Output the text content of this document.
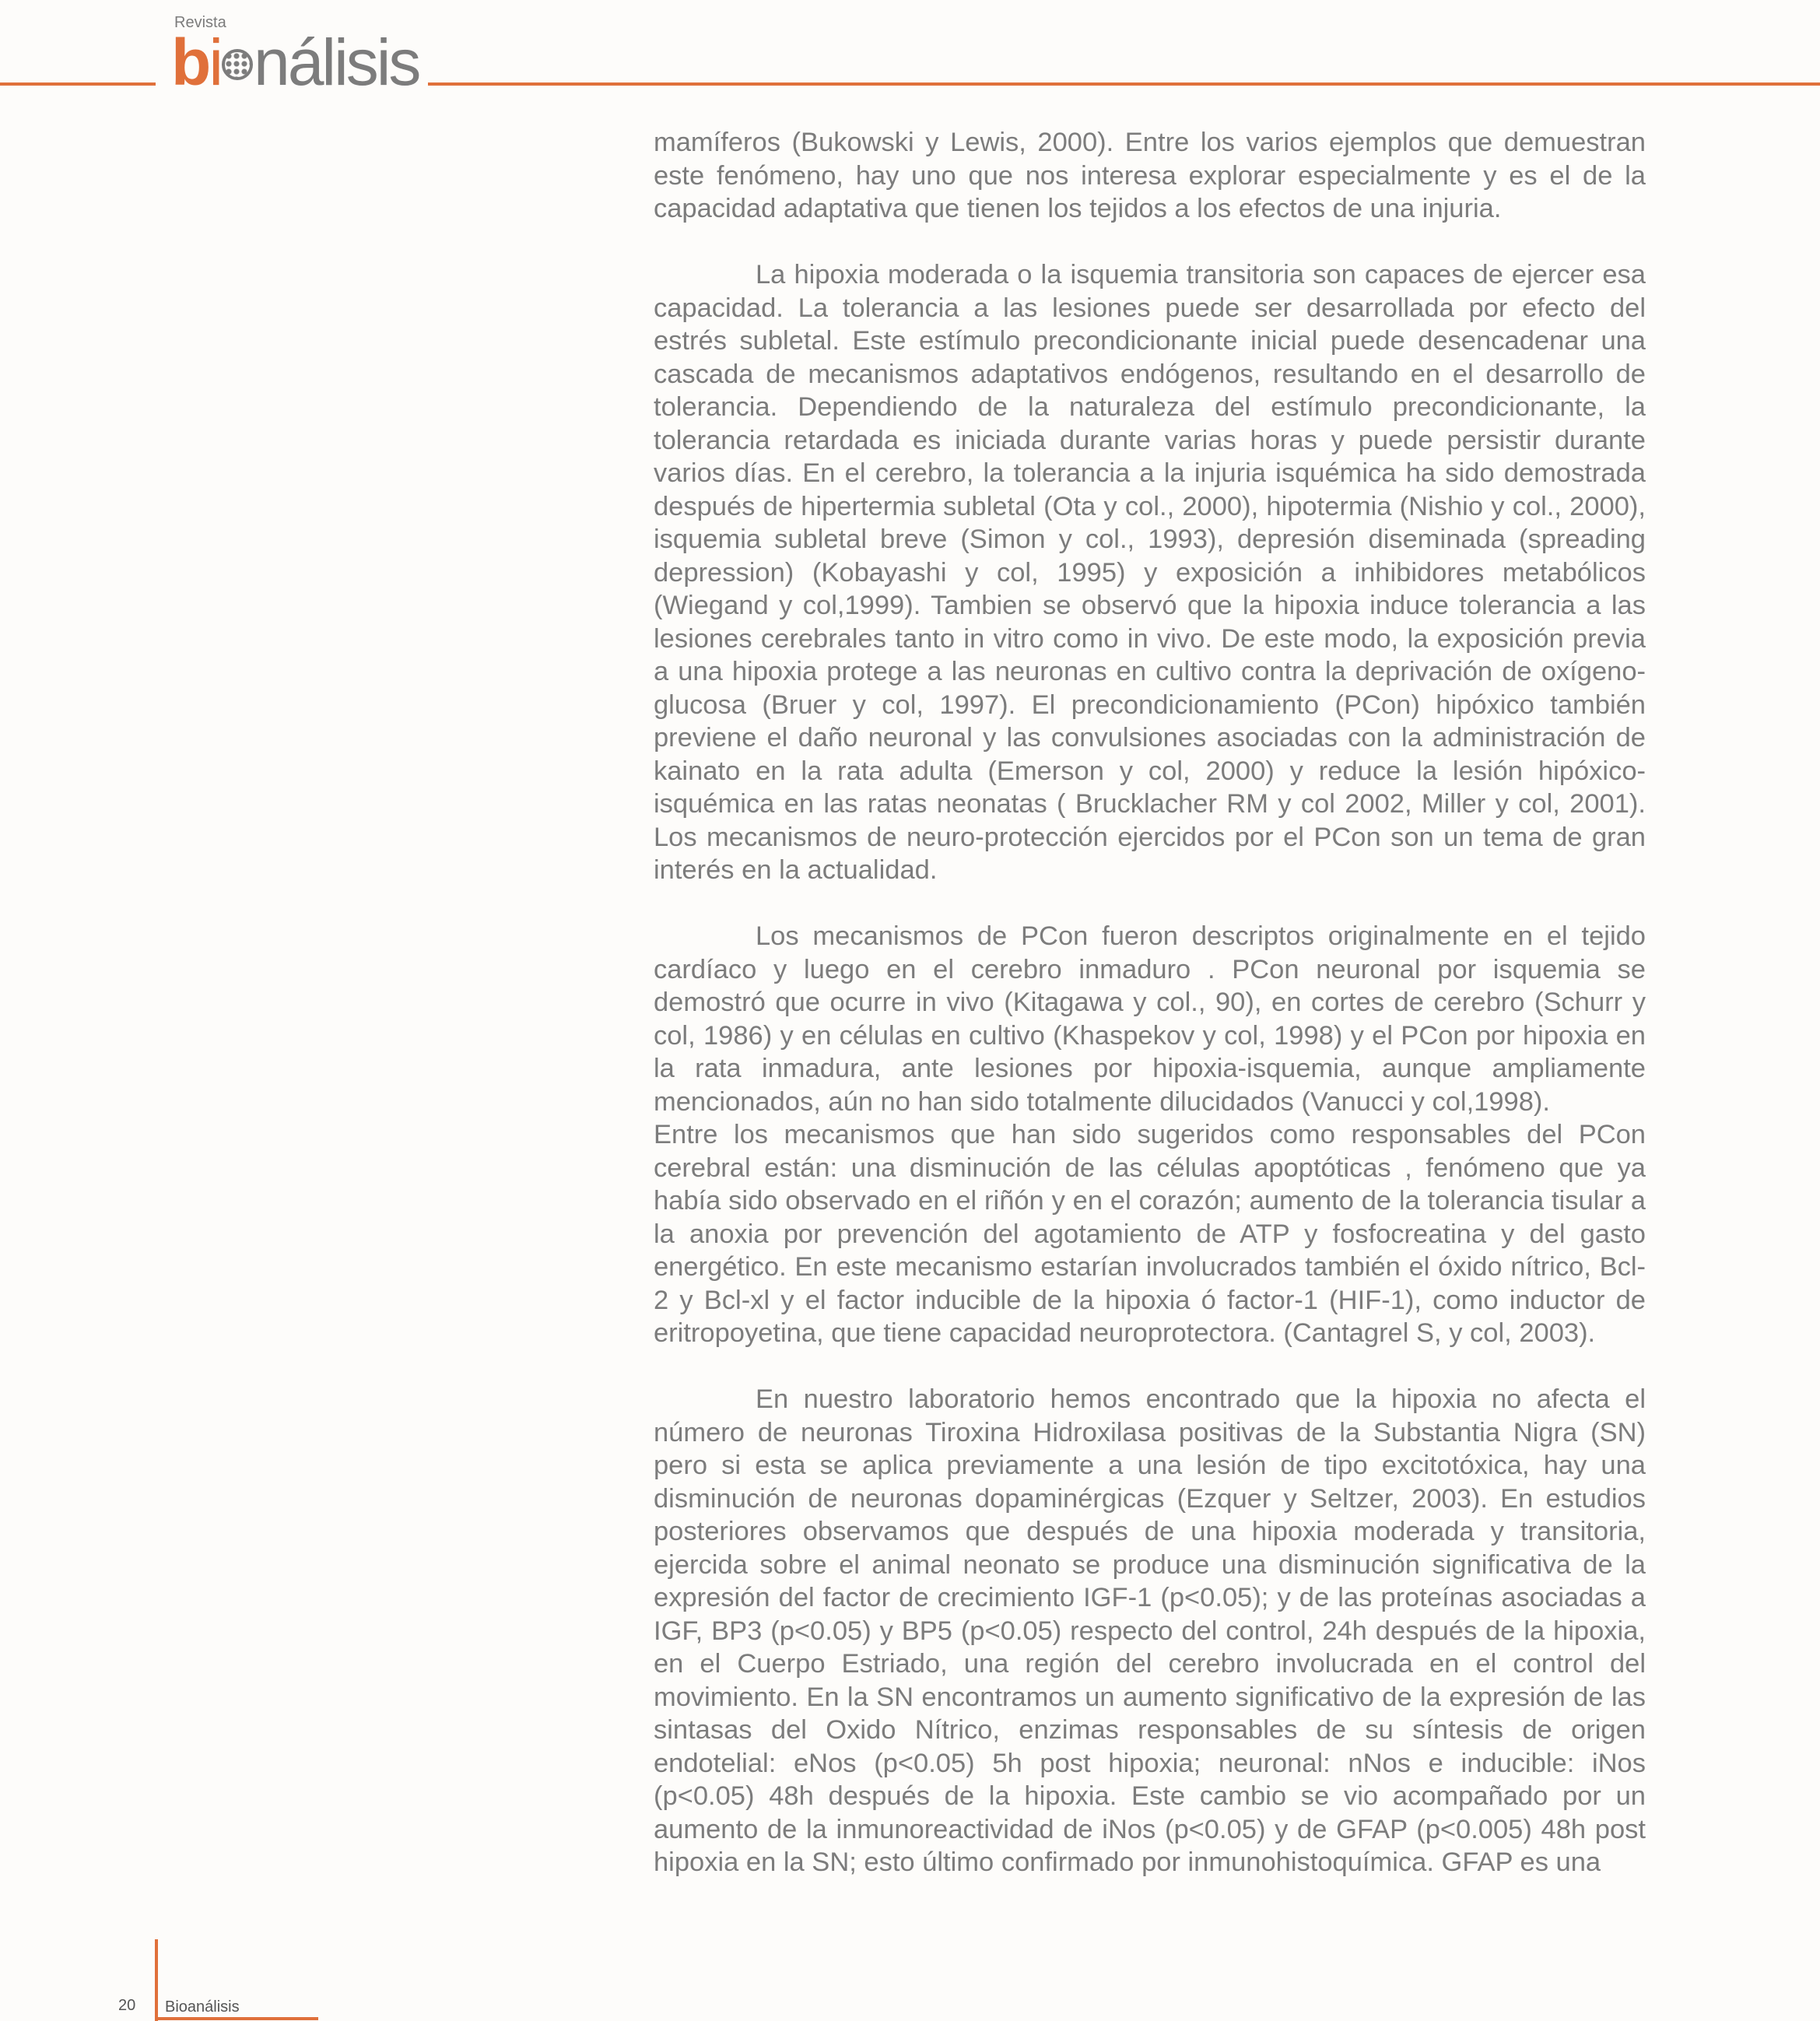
Revista
bi nálisis

mamíferos (Bukowski y Lewis, 2000). Entre los varios ejemplos que demuestran este fenómeno, hay uno que nos interesa explorar especialmente y es el de la capacidad adaptativa que tienen los tejidos a los efectos de una injuria.

La hipoxia moderada o la isquemia transitoria son capaces de ejercer esa capacidad. La tolerancia a las lesiones puede ser desarrollada por efecto del estrés subletal. Este estímulo precondicionante inicial puede desencadenar una cascada de mecanismos adaptativos endógenos, resultando en el desarrollo de tolerancia. Dependiendo de la naturaleza del estímulo precondicionante, la tolerancia retardada es iniciada durante varias horas y puede persistir durante varios días. En el cerebro, la tolerancia a la injuria isquémica ha sido demostrada después de hipertermia subletal (Ota y col., 2000), hipotermia (Nishio y col., 2000), isquemia subletal breve (Simon y col., 1993), depresión diseminada (spreading depression) (Kobayashi y col, 1995) y exposición a inhibidores metabólicos (Wiegand y col,1999). Tambien se observó que la hipoxia induce tolerancia a las lesiones cerebrales tanto in vitro como in vivo. De este modo, la exposición previa a una hipoxia protege a las neuronas en cultivo contra la deprivación de oxígeno-glucosa (Bruer y col, 1997). El precondicionamiento (PCon) hipóxico también previene el daño neuronal y las convulsiones asociadas con la administración de kainato en la rata adulta (Emerson y col, 2000) y reduce la lesión hipóxico-isquémica en las ratas neonatas ( Brucklacher RM y col 2002, Miller y col, 2001). Los mecanismos de neuro-protección ejercidos por el PCon son un tema de gran interés en la actualidad.

Los mecanismos de PCon fueron descriptos originalmente en el tejido cardíaco y luego en el cerebro inmaduro . PCon neuronal por isquemia se demostró que ocurre in vivo (Kitagawa y col., 90), en cortes de cerebro (Schurr y col, 1986) y en células en cultivo (Khaspekov y col, 1998) y el PCon por hipoxia en la rata inmadura, ante lesiones por hipoxia-isquemia, aunque ampliamente mencionados, aún no han sido totalmente dilucidados (Vanucci y col,1998).

Entre los mecanismos que han sido sugeridos como responsables del PCon cerebral están: una disminución de las células apoptóticas , fenómeno que ya había sido observado en el riñón y en el corazón; aumento de la tolerancia tisular a la anoxia por prevención del agotamiento de ATP y fosfocreatina y del gasto energético. En este mecanismo estarían involucrados también el óxido nítrico, Bcl-2 y Bcl-xl y el factor inducible de la hipoxia ó factor-1 (HIF-1), como inductor de eritropoyetina, que tiene capacidad neuroprotectora. (Cantagrel S, y col, 2003).

En nuestro laboratorio hemos encontrado que la hipoxia no afecta el número de neuronas Tiroxina Hidroxilasa positivas de la Substantia Nigra (SN) pero si esta se aplica previamente a una lesión de tipo excitotóxica, hay una disminución de neuronas dopaminérgicas (Ezquer y Seltzer, 2003). En estudios posteriores observamos que después de una hipoxia moderada y transitoria, ejercida sobre el animal neonato se produce una disminución significativa de la expresión del factor de crecimiento IGF-1 (p<0.05); y de las proteínas asociadas a IGF, BP3 (p<0.05) y BP5 (p<0.05) respecto del control, 24h después de la hipoxia, en el Cuerpo Estriado, una región del cerebro involucrada en el control del movimiento. En la SN encontramos un aumento significativo de la expresión de las sintasas del Oxido Nítrico, enzimas responsables de su síntesis de origen endotelial: eNos (p<0.05) 5h post hipoxia; neuronal: nNos e inducible: iNos (p<0.05) 48h después de la hipoxia. Este cambio se vio acompañado por un aumento de la inmunoreactividad de iNos (p<0.05) y de GFAP (p<0.005) 48h post hipoxia en la SN; esto último confirmado por inmunohistoquímica. GFAP es una

20 Bioanálisis
